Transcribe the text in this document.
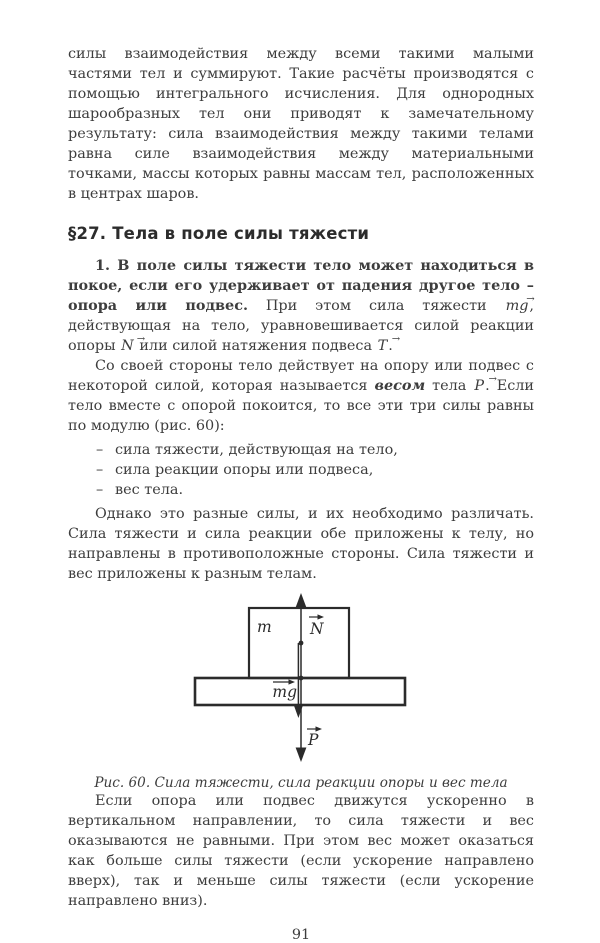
силы взаимодействия между всеми такими малыми частями тел и суммируют. Такие расчёты производятся с помощью интегрального исчисления. Для однородных шарообразных тел они приводят к замечательному результату: сила взаимодействия между такими телами равна силе взаимодействия между материальными точками, массы которых равны массам тел, расположенных в центрах шаров.

§27. Тела в поле силы тяжести

1. В поле силы тяжести тело может находиться в покое, если его удерживает от падения другое тело – опора или подвес. При этом сила тяжести mg →, действующая на тело, уравновешивается силой реакции опоры N → или силой натяжения подвеса T →.

Со своей стороны тело действует на опору или подвес с некоторой силой, которая называется весом тела P →. Если тело вместе с опорой покоится, то все эти три силы равны по модулю (рис. 60):

– сила тяжести, действующая на тело,
– сила реакции опоры или подвеса,
– вес тела.

Однако это разные силы, и их необходимо различать. Сила тяжести и сила реакции обе приложены к телу, но направлены в противоположные стороны. Сила тяжести и вес приложены к разным телам.

m N
mg
P
Рис. 60. Сила тяжести, сила реакции опоры и вес тела

Если опора или подвес движутся ускоренно в вертикальном направлении, то сила тяжести и вес оказываются не равными. При этом вес может оказаться как больше силы тяжести (если ускорение направлено вверх), так и меньше силы тяжести (если ускорение направлено вниз).

91
